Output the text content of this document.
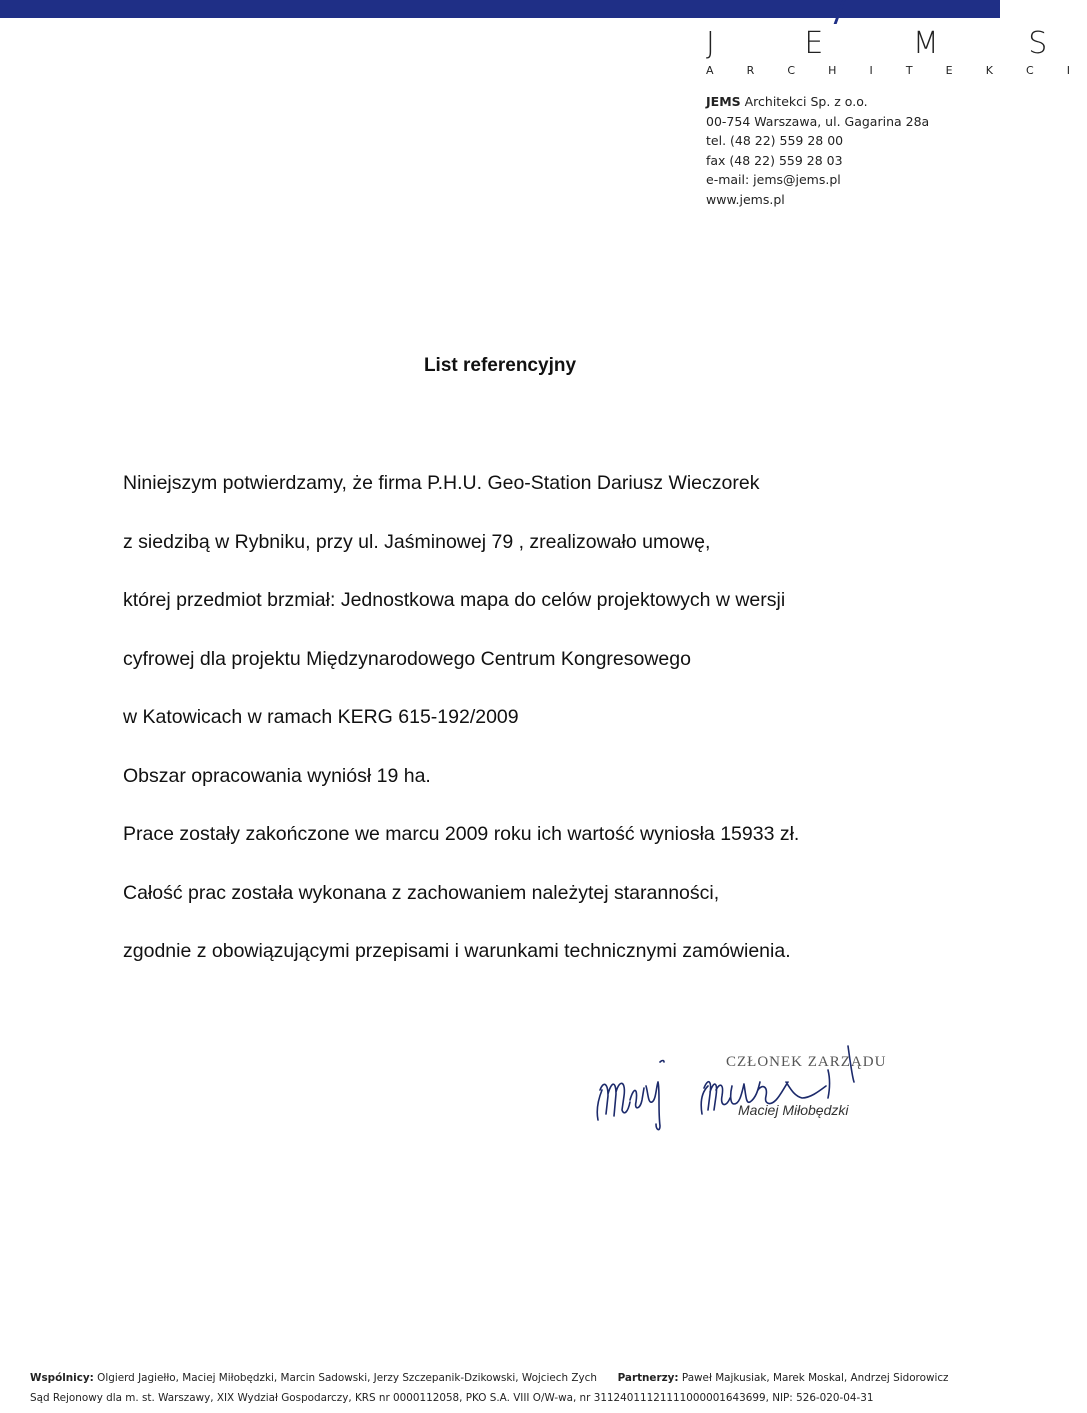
J E M S
A R C H I T E K C I
JEMS Architekci Sp. z o.o.
00-754 Warszawa, ul. Gagarina 28a
tel. (48 22) 559 28 00
fax (48 22) 559 28 03
e-mail: jems@jems.pl
www.jems.pl
List referencyjny
Niniejszym potwierdzamy, że firma P.H.U. Geo-Station Dariusz Wieczorek
z siedzibą w Rybniku, przy ul. Jaśminowej 79 , zrealizowało umowę,
której przedmiot brzmiał: Jednostkowa mapa do celów projektowych w wersji
cyfrowej dla projektu Międzynarodowego Centrum Kongresowego
w Katowicach w ramach KERG 615-192/2009
Obszar opracowania wyniósł 19 ha.
Prace zostały zakończone we marcu 2009 roku ich wartość wyniosła 15933 zł.
Całość prac została wykonana z zachowaniem należytej staranności,
zgodnie z obowiązującymi przepisami i warunkami technicznymi zamówienia.
CZŁONEK ZARZĄDU
Maciej Miłobędzki
Wspólnicy: Olgierd Jagiełło, Maciej Miłobędzki, Marcin Sadowski, Jerzy Szczepanik-Dzikowski, Wojciech Zych Partnerzy: Paweł Majkusiak, Marek Moskal, Andrzej Sidorowicz
Sąd Rejonowy dla m. st. Warszawy, XIX Wydział Gospodarczy, KRS nr 0000112058, PKO S.A. VIII O/W-wa, nr 31124011121111000001643699, NIP: 526-020-04-31
